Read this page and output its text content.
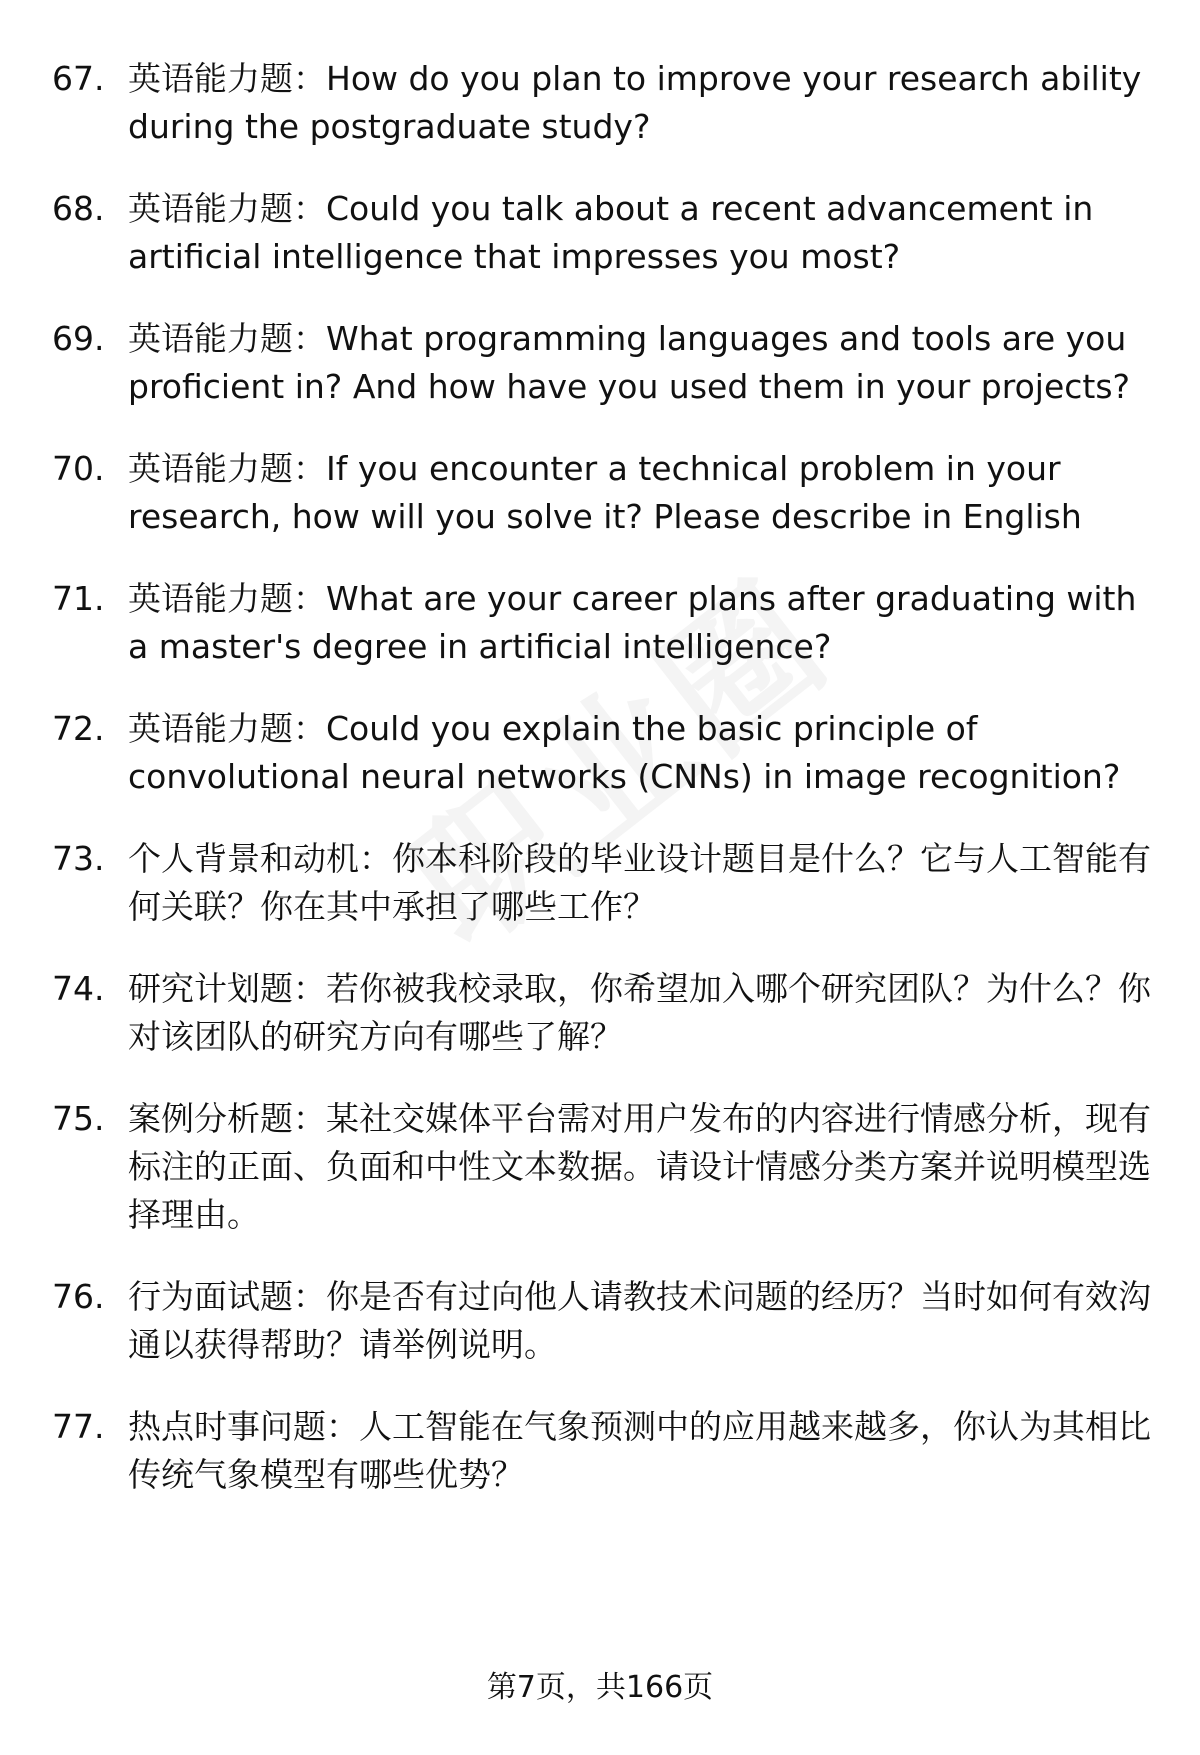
67. 英语能力题：How do you plan to improve your research ability during the postgraduate study?
68. 英语能力题：Could you talk about a recent advancement in artificial intelligence that impresses you most?
69. 英语能力题：What programming languages and tools are you proficient in? And how have you used them in your projects?
70. 英语能力题：If you encounter a technical problem in your research, how will you solve it? Please describe in English
71. 英语能力题：What are your career plans after graduating with a master's degree in artificial intelligence?
72. 英语能力题：Could you explain the basic principle of convolutional neural networks (CNNs) in image recognition?
73. 个人背景和动机：你本科阶段的毕业设计题目是什么？它与人工智能有何关联？你在其中承担了哪些工作？
74. 研究计划题：若你被我校录取，你希望加入哪个研究团队？为什么？你对该团队的研究方向有哪些了解？
75. 案例分析题：某社交媒体平台需对用户发布的内容进行情感分析，现有标注的正面、负面和中性文本数据。请设计情感分类方案并说明模型选择理由。
76. 行为面试题：你是否有过向他人请教技术问题的经历？当时如何有效沟通以获得帮助？请举例说明。
77. 热点时事问题：人工智能在气象预测中的应用越来越多，你认为其相比传统气象模型有哪些优势？
第7页，共166页
